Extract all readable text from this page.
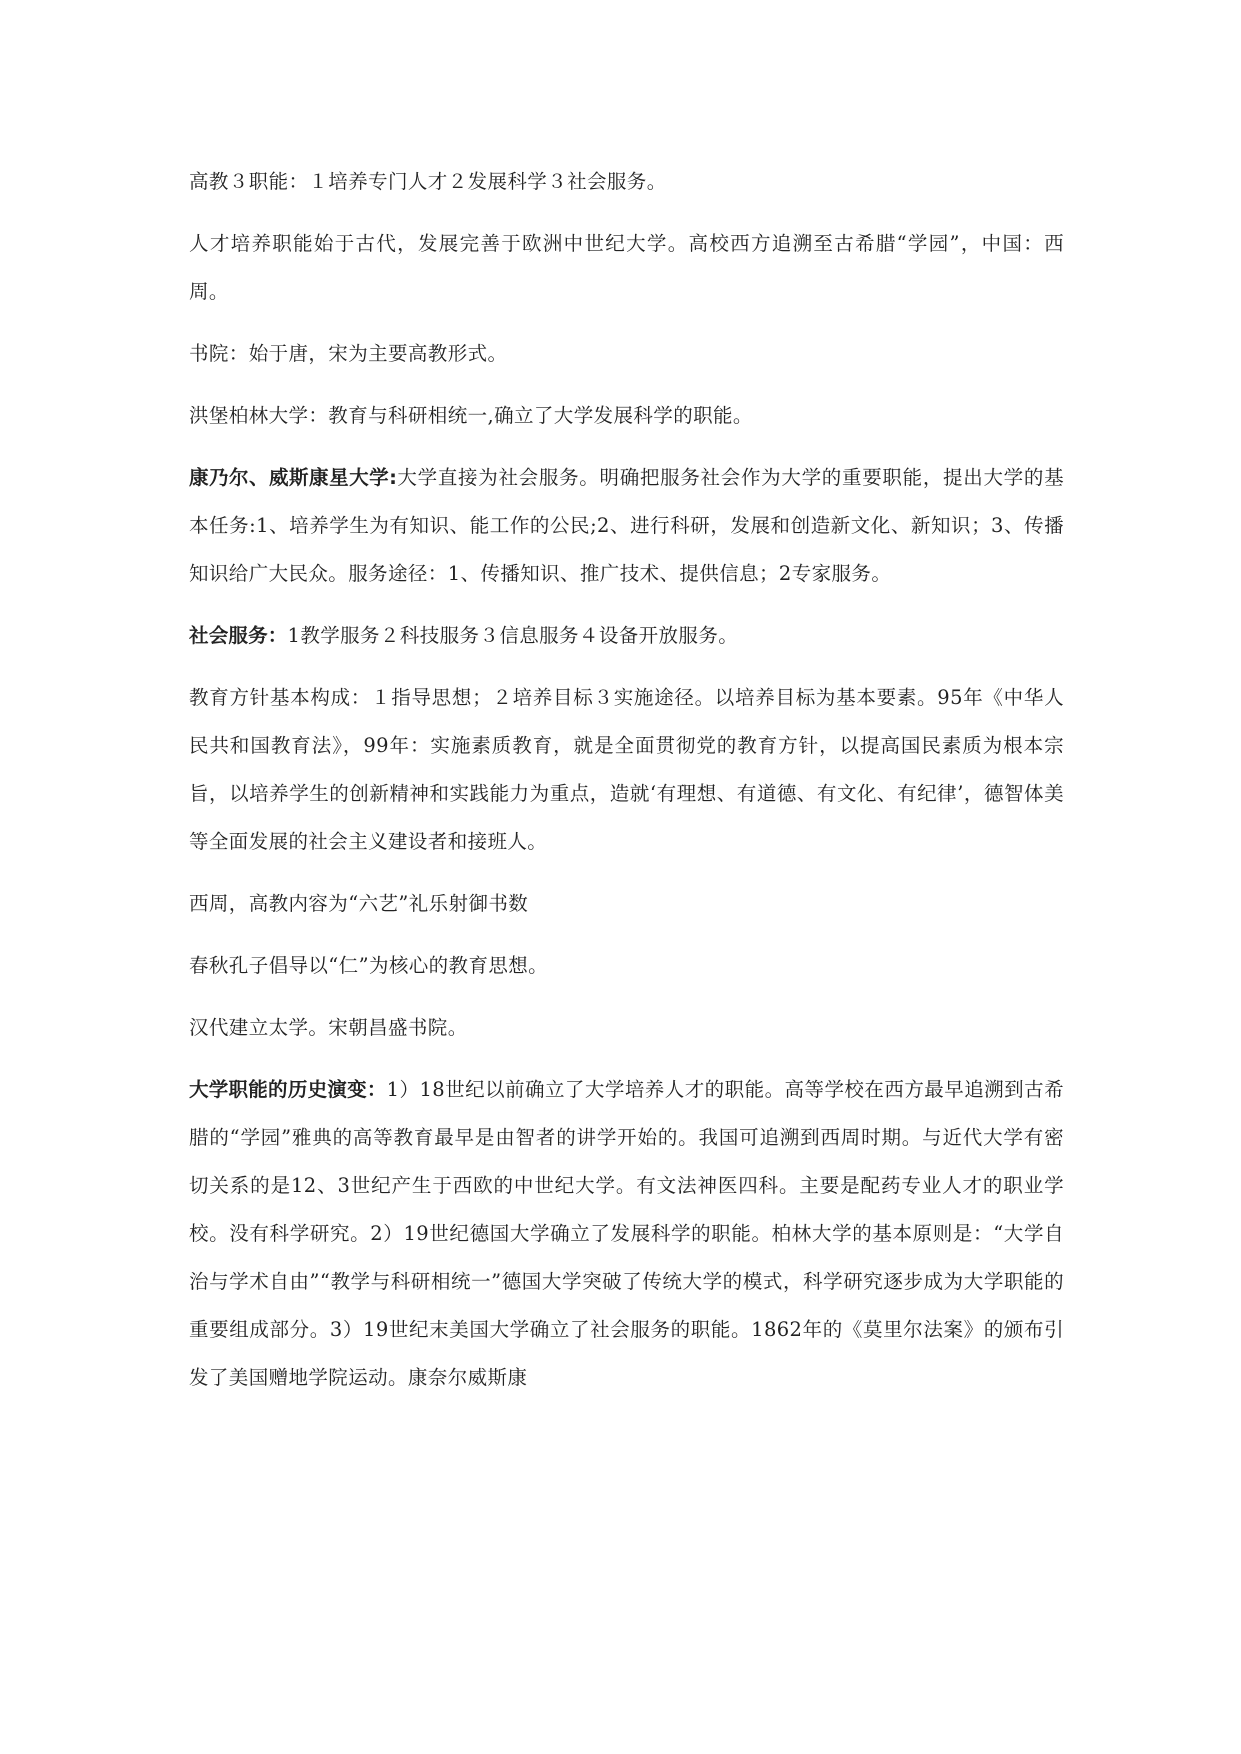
高教３职能：１培养专门人才２发展科学３社会服务。

人才培养职能始于古代，发展完善于欧洲中世纪大学。高校西方追溯至古希腊“学园”，中国：西周。

书院：始于唐，宋为主要高教形式。

洪堡柏林大学：教育与科研相统一,确立了大学发展科学的职能。

康乃尔、威斯康星大学:大学直接为社会服务。明确把服务社会作为大学的重要职能，提出大学的基本任务:1、培养学生为有知识、能工作的公民;2、进行科研，发展和创造新文化、新知识；3、传播知识给广大民众。服务途径：1、传播知识、推广技术、提供信息；2专家服务。

社会服务：1教学服务２科技服务３信息服务４设备开放服务。

教育方针基本构成：１指导思想；２培养目标３实施途径。以培养目标为基本要素。95年《中华人民共和国教育法》，99年：实施素质教育，就是全面贯彻党的教育方针，以提高国民素质为根本宗旨，以培养学生的创新精神和实践能力为重点，造就‘有理想、有道德、有文化、有纪律’，德智体美等全面发展的社会主义建设者和接班人。

西周，高教内容为“六艺”礼乐射御书数

春秋孔子倡导以“仁”为核心的教育思想。

汉代建立太学。宋朝昌盛书院。

大学职能的历史演变：1）18世纪以前确立了大学培养人才的职能。高等学校在西方最早追溯到古希腊的“学园”雅典的高等教育最早是由智者的讲学开始的。我国可追溯到西周时期。与近代大学有密切关系的是12、3世纪产生于西欧的中世纪大学。有文法神医四科。主要是配药专业人才的职业学校。没有科学研究。2）19世纪德国大学确立了发展科学的职能。柏林大学的基本原则是：“大学自治与学术自由”“教学与科研相统一”德国大学突破了传统大学的模式，科学研究逐步成为大学职能的重要组成部分。3）19世纪末美国大学确立了社会服务的职能。1862年的《莫里尔法案》的颁布引发了美国赠地学院运动。康奈尔威斯康
